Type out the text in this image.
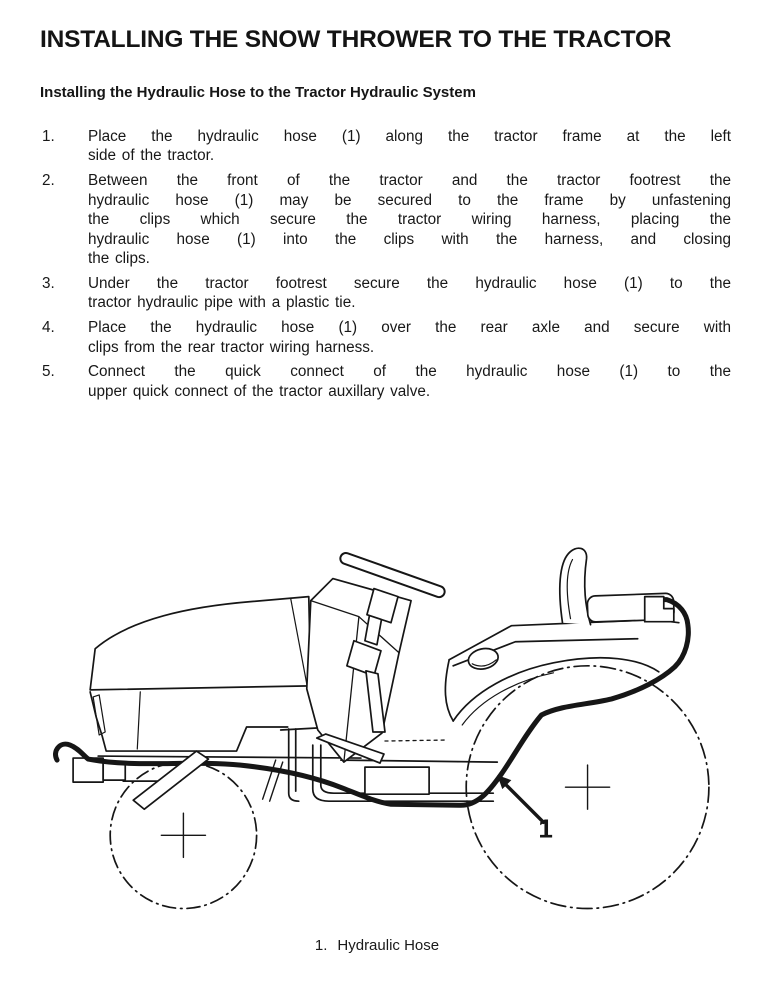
INSTALLING THE SNOW THROWER TO THE TRACTOR
Installing the Hydraulic Hose to the Tractor Hydraulic System
1.	Place the hydraulic hose (1) along the tractor frame at the left
side of the tractor.
2.	Between the front of the tractor and the tractor footrest the
hydraulic hose (1) may be secured to the frame by unfastening
the clips which secure the tractor wiring harness, placing the
hydraulic hose (1) into the clips with the harness, and closing
the clips.
3.	Under the tractor footrest secure the hydraulic hose (1) to the
tractor hydraulic pipe with a plastic tie.
4.	Place the hydraulic hose (1) over the rear axle and secure with
clips from the rear tractor wiring harness.
5.	Connect the quick connect of the hydraulic hose (1) to the
upper quick connect of the tractor auxillary valve.
1
1. Hydraulic Hose
